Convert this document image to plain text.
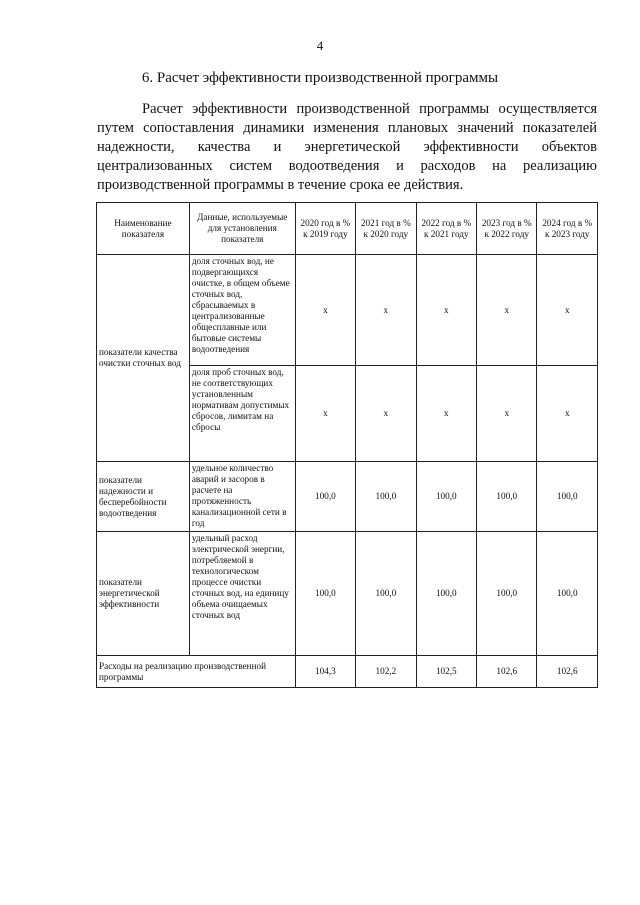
4
6. Расчет эффективности производственной программы
Расчет эффективности производственной программы осуществляется
путем сопоставления динамики изменения плановых значений показателей
надежности, качества и энергетической эффективности объектов
централизованных систем водоотведения и расходов на реализацию
производственной программы в течение срока ее действия.
Наименование показателя	Данные, используемые для установления показателя	2020 год в % к 2019 году	2021 год в % к 2020 году	2022 год в % к 2021 году	2023 год в % к 2022 году	2024 год в % к 2023 году
показатели качества очистки сточных вод	доля сточных вод, не подвергающихся очистке, в общем объеме сточных вод, сбрасываемых в централизованные общесплавные или бытовые системы водоотведения	x	x	x	x	x
	доля проб сточных вод, не соответствующих установленным нормативам допустимых сбросов, лимитам на сбросы	x	x	x	x	x
показатели надежности и бесперебойности водоотведения	удельное количество аварий и засоров в расчете на протяженность канализационной сети в год	100,0	100,0	100,0	100,0	100,0
показатели энергетической эффективности	удельный расход электрической энергии, потребляемой в технологическом процессе очистки сточных вод, на единицу объема очищаемых сточных вод	100,0	100,0	100,0	100,0	100,0
Расходы на реализацию производственной программы		104,3	102,2	102,5	102,6	102,6
